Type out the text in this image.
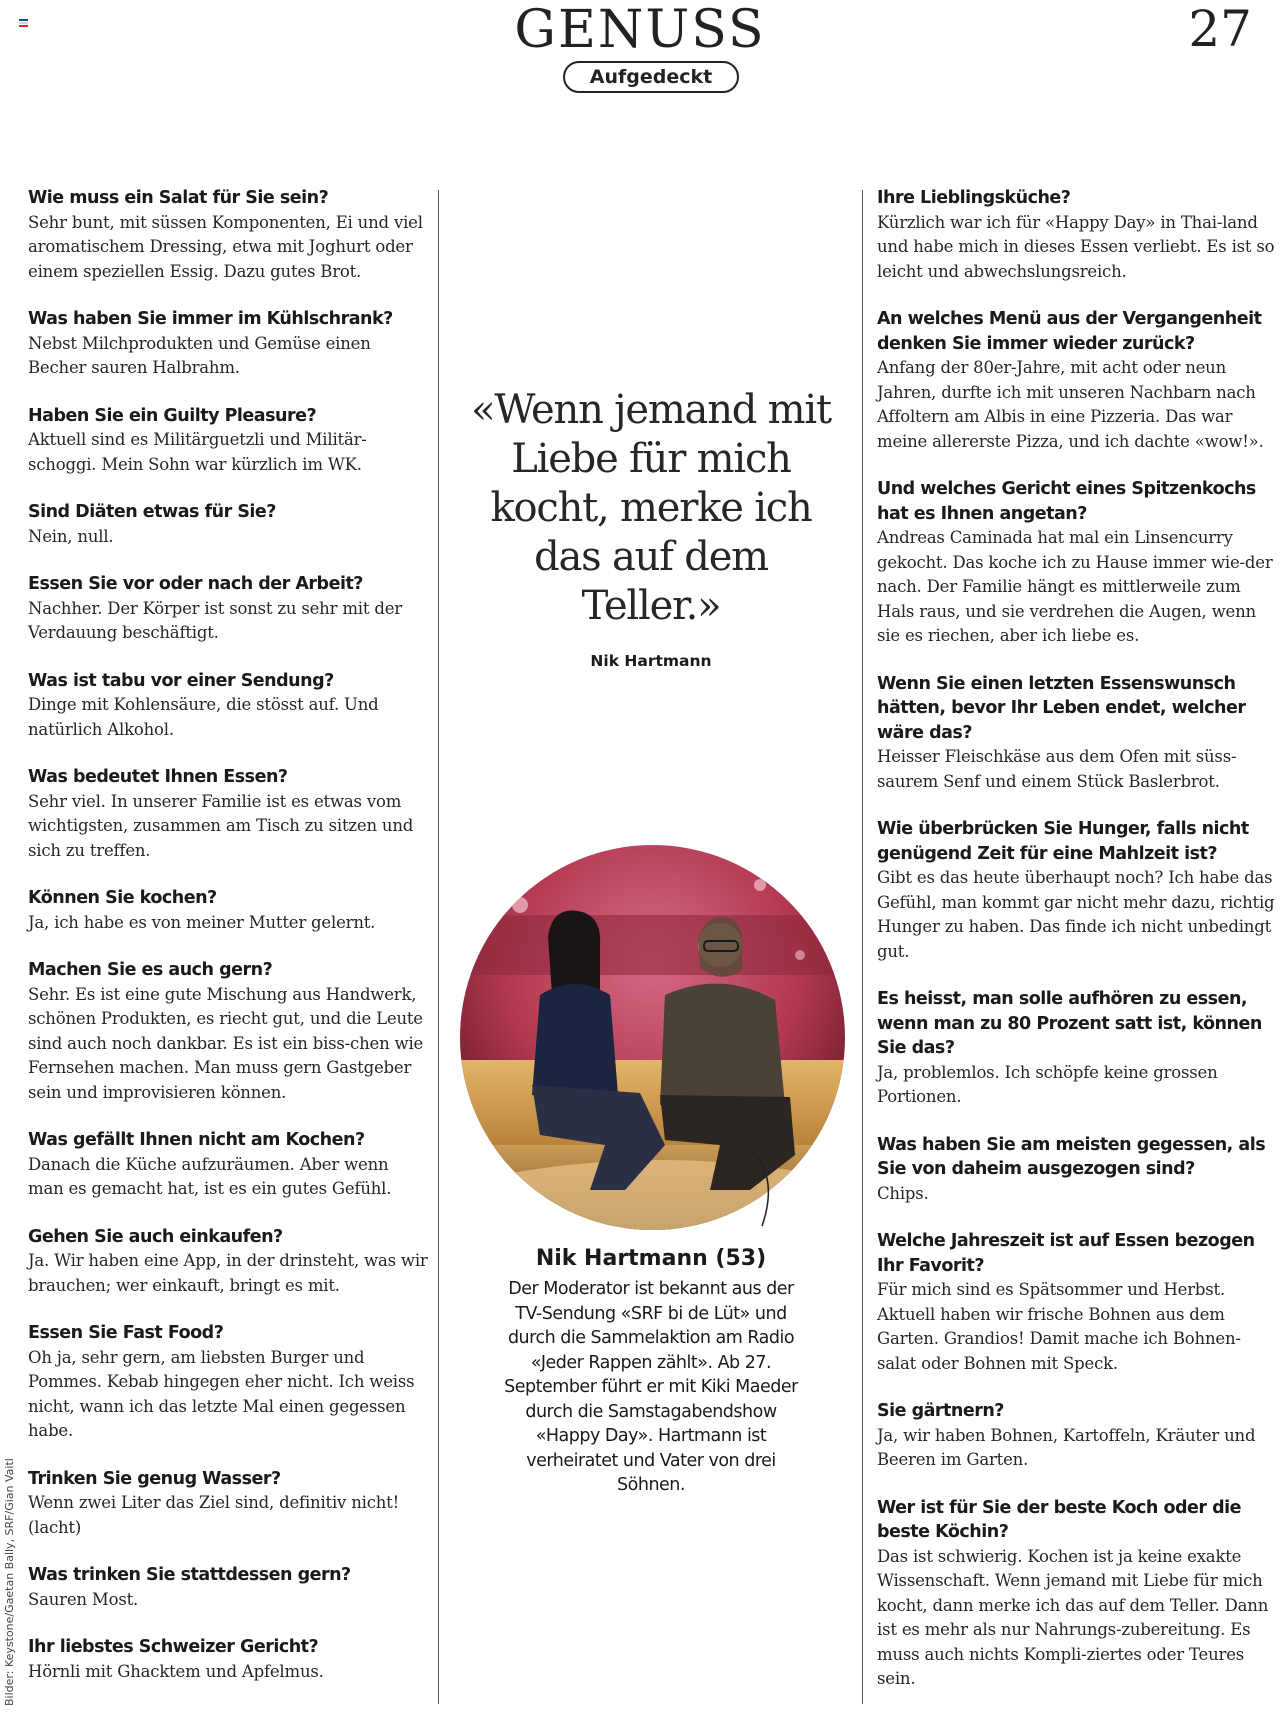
GENUSS	27
Aufgedeckt
Wie muss ein Salat für Sie sein?
Sehr bunt, mit süssen Komponenten, Ei und viel aromatischem Dressing, etwa mit Joghurt oder einem speziellen Essig. Dazu gutes Brot.
Was haben Sie immer im Kühlschrank?
Nebst Milchprodukten und Gemüse einen Becher sauren Halbrahm.
Haben Sie ein Guilty Pleasure?
Aktuell sind es Militärguetzli und Militär-schoggi. Mein Sohn war kürzlich im WK.
Sind Diäten etwas für Sie?
Nein, null.
Essen Sie vor oder nach der Arbeit?
Nachher. Der Körper ist sonst zu sehr mit der Verdauung beschäftigt.
Was ist tabu vor einer Sendung?
Dinge mit Kohlensäure, die stösst auf. Und natürlich Alkohol.
Was bedeutet Ihnen Essen?
Sehr viel. In unserer Familie ist es etwas vom wichtigsten, zusammen am Tisch zu sitzen und sich zu treffen.
Können Sie kochen?
Ja, ich habe es von meiner Mutter gelernt.
Machen Sie es auch gern?
Sehr. Es ist eine gute Mischung aus Handwerk, schönen Produkten, es riecht gut, und die Leute sind auch noch dankbar. Es ist ein biss-chen wie Fernsehen machen. Man muss gern Gastgeber sein und improvisieren können.
Was gefällt Ihnen nicht am Kochen?
Danach die Küche aufzuräumen. Aber wenn man es gemacht hat, ist es ein gutes Gefühl.
Gehen Sie auch einkaufen?
Ja. Wir haben eine App, in der drinsteht, was wir brauchen; wer einkauft, bringt es mit.
Essen Sie Fast Food?
Oh ja, sehr gern, am liebsten Burger und Pommes. Kebab hingegen eher nicht. Ich weiss nicht, wann ich das letzte Mal einen gegessen habe.
Trinken Sie genug Wasser?
Wenn zwei Liter das Ziel sind, definitiv nicht! (lacht)
Was trinken Sie stattdessen gern?
Sauren Most.
Ihr liebstes Schweizer Gericht?
Hörnli mit Ghacktem und Apfelmus.
«Wenn jemand mit Liebe für mich kocht, merke ich das auf dem Teller.»
Nik Hartmann
Nik Hartmann (53)
Der Moderator ist bekannt aus der TV-Sendung «SRF bi de Lüt» und durch die Sammelaktion am Radio «Jeder Rappen zählt». Ab 27. September führt er mit Kiki Maeder durch die Samstagabendshow «Happy Day». Hartmann ist verheiratet und Vater von drei Söhnen.
Ihre Lieblingsküche?
Kürzlich war ich für «Happy Day» in Thai-land und habe mich in dieses Essen verliebt. Es ist so leicht und abwechslungsreich.
An welches Menü aus der Vergangenheit denken Sie immer wieder zurück?
Anfang der 80er-Jahre, mit acht oder neun Jahren, durfte ich mit unseren Nachbarn nach Affoltern am Albis in eine Pizzeria. Das war meine allererste Pizza, und ich dachte «wow!».
Und welches Gericht eines Spitzenkochs hat es Ihnen angetan?
Andreas Caminada hat mal ein Linsencurry gekocht. Das koche ich zu Hause immer wie-der nach. Der Familie hängt es mittlerweile zum Hals raus, und sie verdrehen die Augen, wenn sie es riechen, aber ich liebe es.
Wenn Sie einen letzten Essenswunsch hätten, bevor Ihr Leben endet, welcher wäre das?
Heisser Fleischkäse aus dem Ofen mit süss-saurem Senf und einem Stück Baslerbrot.
Wie überbrücken Sie Hunger, falls nicht genügend Zeit für eine Mahlzeit ist?
Gibt es das heute überhaupt noch? Ich habe das Gefühl, man kommt gar nicht mehr dazu, richtig Hunger zu haben. Das finde ich nicht unbedingt gut.
Es heisst, man solle aufhören zu essen, wenn man zu 80 Prozent satt ist, können Sie das?
Ja, problemlos. Ich schöpfe keine grossen Portionen.
Was haben Sie am meisten gegessen, als Sie von daheim ausgezogen sind?
Chips.
Welche Jahreszeit ist auf Essen bezogen Ihr Favorit?
Für mich sind es Spätsommer und Herbst. Aktuell haben wir frische Bohnen aus dem Garten. Grandios! Damit mache ich Bohnen-salat oder Bohnen mit Speck.
Sie gärtnern?
Ja, wir haben Bohnen, Kartoffeln, Kräuter und Beeren im Garten.
Wer ist für Sie der beste Koch oder die beste Köchin?
Das ist schwierig. Kochen ist ja keine exakte Wissenschaft. Wenn jemand mit Liebe für mich kocht, dann merke ich das auf dem Teller. Dann ist es mehr als nur Nahrungs-zubereitung. Es muss auch nichts Kompli-ziertes oder Teures sein.
Bilder: Keystone/Gaetan Bally, SRF/Gian Vaitl
